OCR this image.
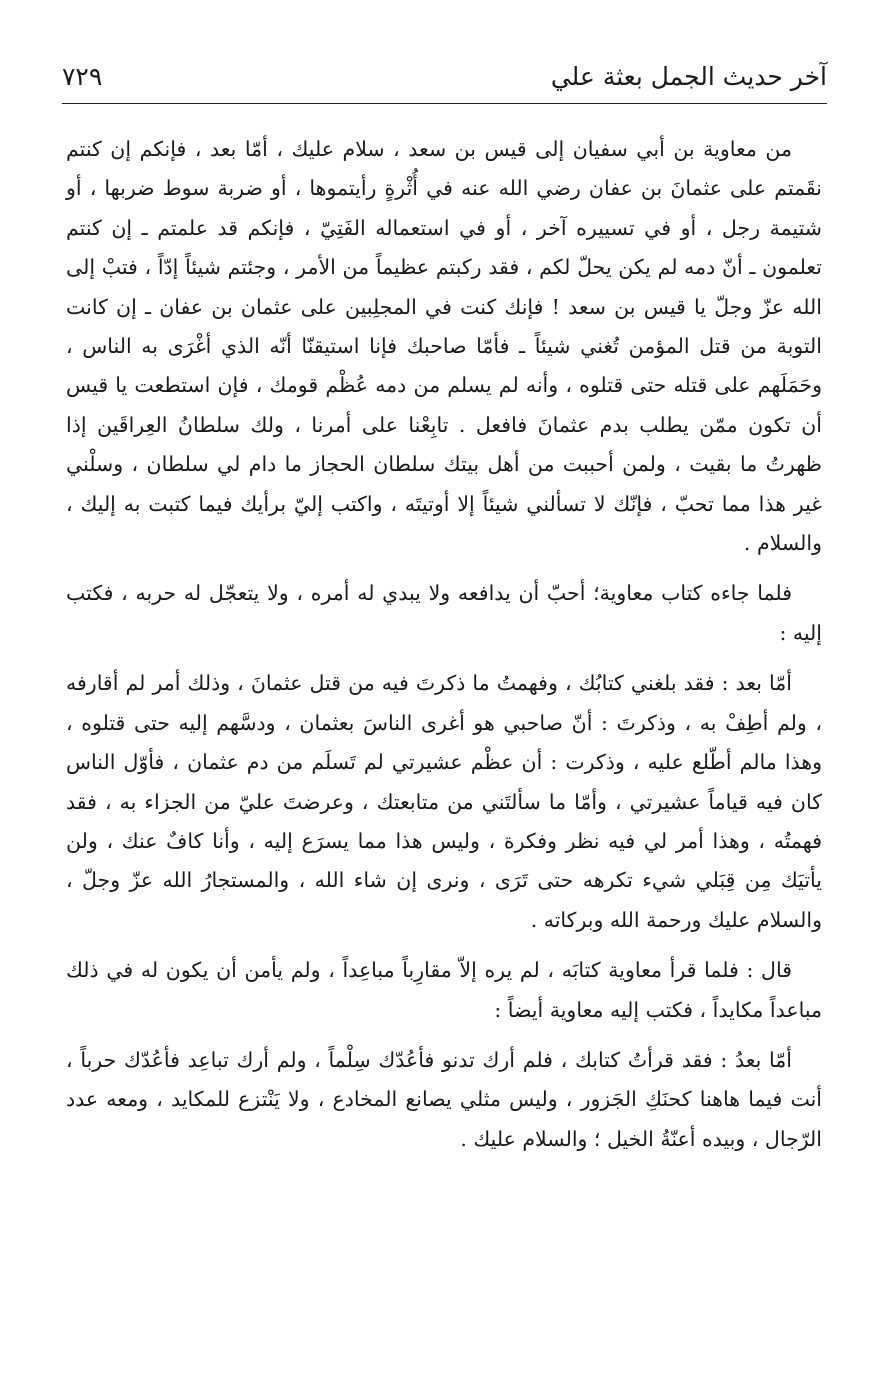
آخر حديث الجمل بعثة علي
٧٢٩

من معاوية بن أبي سفيان إلى قيس بن سعد ، سلام عليك ، أمّا بعد ، فإنكم إن كنتم نقَمتم على عثمانَ بن عفان رضي الله عنه في أُثْرةٍ رأيتموها ، أو ضربة سوط ضربها ، أو شتيمة رجل ، أو في تسييره آخر ، أو في استعماله الفَتِيّ ، فإنكم قد علمتم ـ إن كنتم تعلمون ـ أنّ دمه لم يكن يحلّ لكم ، فقد ركبتم عظيماً من الأمر ، وجئتم شيئاً إدّاً ، فتبْ إلى الله عزّ وجلّ يا قيس بن سعد ! فإنك كنت في المجلِبين على عثمان بن عفان ـ إن كانت التوبة من قتل المؤمن تُغني شيئاً ـ فأمّا صاحبك فإنا استيقنّا أنّه الذي أغْرَى به الناس ، وحَمَلَهم على قتله حتى قتلوه ، وأنه لم يسلم من دمه عُظْم قومك ، فإن استطعت يا قيس أن تكون ممّن يطلب بدم عثمانَ فافعل . تابِعْنا على أمرنا ، ولك سلطانُ العِراقَين إذا ظهرتُ ما بقيت ، ولمن أحببت من أهل بيتك سلطان الحجاز ما دام لي سلطان ، وسلْني غير هذا مما تحبّ ، فإنّك لا تسألني شيئاً إلا أوتيتَه ، واكتب إليّ برأيك فيما كتبت به إليك ، والسلام .

فلما جاءه كتاب معاوية؛ أحبّ أن يدافعه ولا يبدي له أمره ، ولا يتعجّل له حربه ، فكتب إليه :

أمّا بعد : فقد بلغني كتابُك ، وفهمتُ ما ذكرتَ فيه من قتل عثمانَ ، وذلك أمر لم أقارفه ، ولم أطِفْ به ، وذكرتَ : أنّ صاحبي هو أغرى الناسَ بعثمان ، ودسَّهم إليه حتى قتلوه ، وهذا مالم أطّلع عليه ، وذكرت : أن عظْم عشيرتي لم تَسلَم من دم عثمان ، فأوّل الناس كان فيه قياماً عشيرتي ، وأمّا ما سألتَني من متابعتك ، وعرضتَ عليّ من الجزاء به ، فقد فهمتُه ، وهذا أمر لي فيه نظر وفكرة ، وليس هذا مما يسرَع إليه ، وأنا كافٌ عنك ، ولن يأتيَك مِن قِبَلي شيء تكرهه حتى تَرَى ، ونرى إن شاء الله ، والمستجارُ الله عزّ وجلّ ، والسلام عليك ورحمة الله وبركاته .

قال : فلما قرأ معاوية كتابَه ، لم يره إلاّ مقارِباً مباعِداً ، ولم يأمن أن يكون له في ذلك مباعداً مكايداً ، فكتب إليه معاوية أيضاً :

أمّا بعدُ : فقد قرأتُ كتابك ، فلم أرك تدنو فأعُدّك سِلْماً ، ولم أرك تباعِد فأعُدّك حرباً ، أنت فيما هاهنا كحنَكِ الجَزور ، وليس مثلي يصانع المخادع ، ولا يَنْتزع للمكايد ، ومعه عدد الرّجال ، وبيده أعنّةُ الخيل ؛ والسلام عليك .
